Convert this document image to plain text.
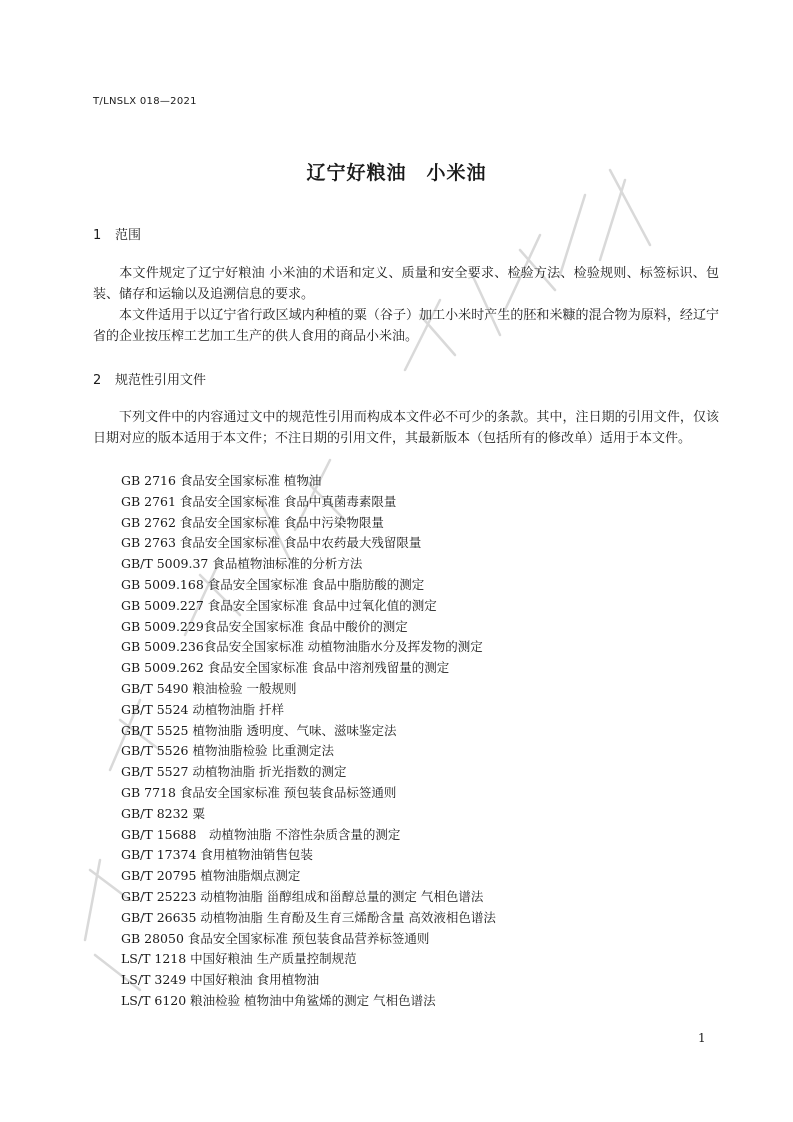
T/LNSLX 018—2021
辽宁好粮油　小米油
1 范围
本文件规定了辽宁好粮油 小米油的术语和定义、质量和安全要求、检验方法、检验规则、标签标识、包装、储存和运输以及追溯信息的要求。
本文件适用于以辽宁省行政区域内种植的粟（谷子）加工小米时产生的胚和米糠的混合物为原料，经辽宁省的企业按压榨工艺加工生产的供人食用的商品小米油。
2 规范性引用文件
下列文件中的内容通过文中的规范性引用而构成本文件必不可少的条款。其中，注日期的引用文件，仅该日期对应的版本适用于本文件；不注日期的引用文件，其最新版本（包括所有的修改单）适用于本文件。
GB 2716 食品安全国家标准 植物油
GB 2761 食品安全国家标准 食品中真菌毒素限量
GB 2762 食品安全国家标准 食品中污染物限量
GB 2763 食品安全国家标准 食品中农药最大残留限量
GB/T 5009.37 食品植物油标准的分析方法
GB 5009.168 食品安全国家标准 食品中脂肪酸的测定
GB 5009.227 食品安全国家标准 食品中过氧化值的测定
GB 5009.229食品安全国家标准 食品中酸价的测定
GB 5009.236食品安全国家标准 动植物油脂水分及挥发物的测定
GB 5009.262 食品安全国家标准 食品中溶剂残留量的测定
GB/T 5490 粮油检验 一般规则
GB/T 5524 动植物油脂 扦样
GB/T 5525 植物油脂 透明度、气味、滋味鉴定法
GB/T 5526 植物油脂检验 比重测定法
GB/T 5527 动植物油脂 折光指数的测定
GB 7718 食品安全国家标准 预包装食品标签通则
GB/T 8232 粟
GB/T 15688　动植物油脂 不溶性杂质含量的测定
GB/T 17374 食用植物油销售包装
GB/T 20795 植物油脂烟点测定
GB/T 25223 动植物油脂 甾醇组成和甾醇总量的测定 气相色谱法
GB/T 26635 动植物油脂 生育酚及生育三烯酚含量 高效液相色谱法
GB 28050 食品安全国家标准 预包装食品营养标签通则
LS/T 1218 中国好粮油 生产质量控制规范
LS/T 3249 中国好粮油 食用植物油
LS/T 6120 粮油检验 植物油中角鲨烯的测定 气相色谱法
1
